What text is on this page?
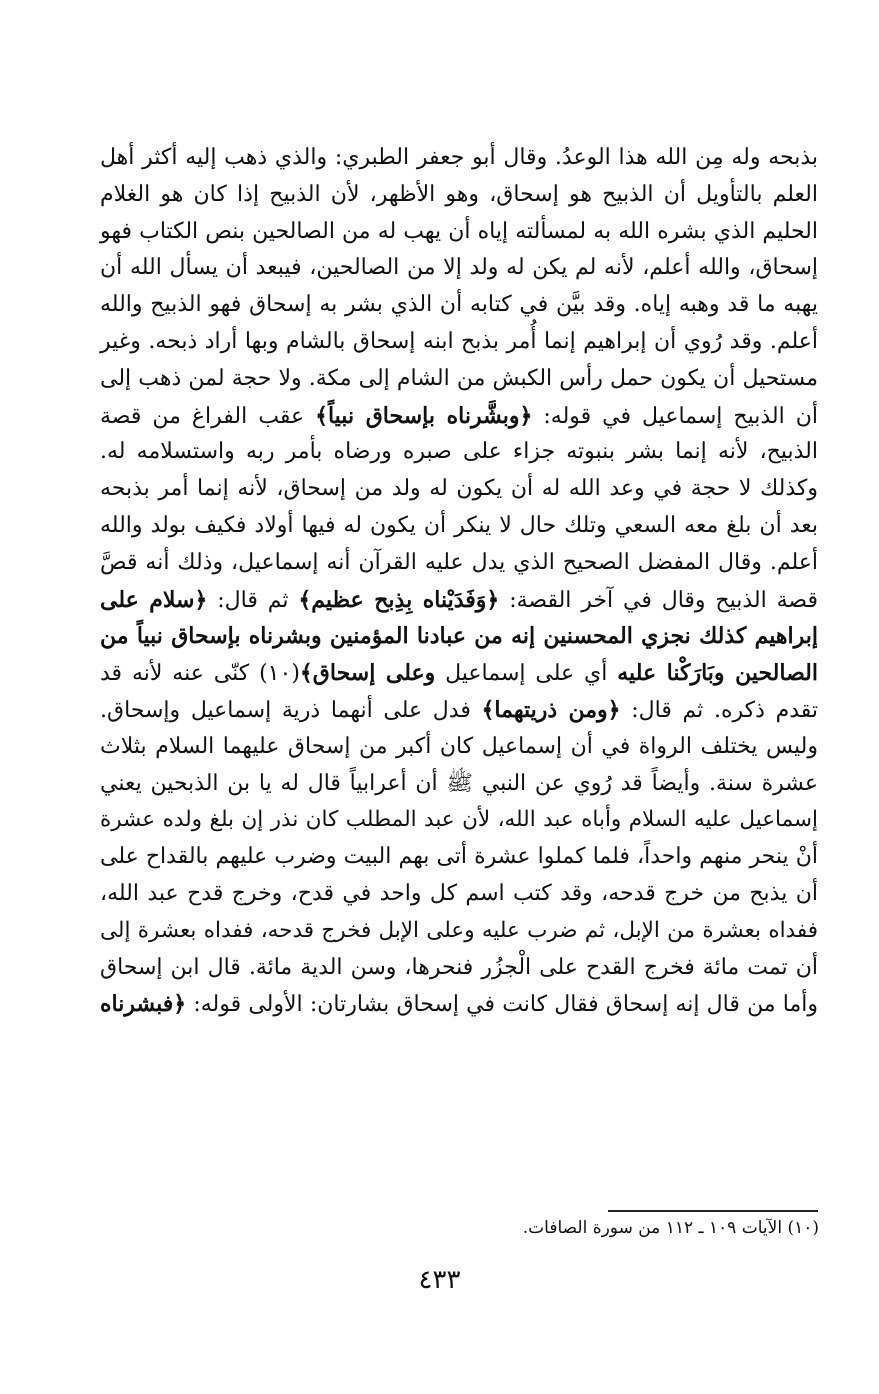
بذبحه وله مِن الله هذا الوعدُ. وقال أبو جعفر الطبري: والذي ذهب إليه أكثر أهل
العلم بالتأويل أن الذبيح هو إسحاق، وهو الأظهر، لأن الذبيح إذا كان هو الغلام
الحليم الذي بشره الله به لمسألته إياه أن يهب له من الصالحين بنص الكتاب فهو
إسحاق، والله أعلم، لأنه لم يكن له ولد إلا من الصالحين، فيبعد أن يسأل الله أن
يهبه ما قد وهبه إياه. وقد بيَّن في كتابه أن الذي بشر به إسحاق فهو الذبيح والله
أعلم. وقد رُوي أن إبراهيم إنما أُمر بذبح ابنه إسحاق بالشام وبها أراد ذبحه. وغير
مستحيل أن يكون حمل رأس الكبش من الشام إلى مكة. ولا حجة لمن ذهب إلى
أن الذبيح إسماعيل في قوله: ﴿وبشَّرناه بإسحاق نبياً﴾ عقب الفراغ من قصة
الذبيح، لأنه إنما بشر بنبوته جزاء على صبره ورضاه بأمر ربه واستسلامه له.
وكذلك لا حجة في وعد الله له أن يكون له ولد من إسحاق، لأنه إنما أمر بذبحه
بعد أن بلغ معه السعي وتلك حال لا ينكر أن يكون له فيها أولاد فكيف بولد والله
أعلم. وقال المفضل الصحيح الذي يدل عليه القرآن أنه إسماعيل، وذلك أنه قصَّ
قصة الذبيح وقال في آخر القصة: ﴿وَفَدَيْناه بِذِبح عظيم﴾ ثم قال: ﴿سلام على
إبراهيم كذلك نجزي المحسنين إنه من عبادنا المؤمنين وبشرناه بإسحاق نبياً من
الصالحين وبَارَكْنا عليه أي على إسماعيل وعلى إسحاق﴾(١٠) كنّى عنه لأنه قد
تقدم ذكره. ثم قال: ﴿ومن ذريتهما﴾ فدل على أنهما ذرية إسماعيل وإسحاق.
وليس يختلف الرواة في أن إسماعيل كان أكبر من إسحاق عليهما السلام بثلاث
عشرة سنة. وأيضاً قد رُوي عن النبي ﷺ أن أعرابياً قال له يا بن الذبحين يعني
إسماعيل عليه السلام وأباه عبد الله، لأن عبد المطلب كان نذر إن بلغ ولده عشرة
أنْ ينحر منهم واحداً، فلما كملوا عشرة أتى بهم البيت وضرب عليهم بالقداح على
أن يذبح من خرج قدحه، وقد كتب اسم كل واحد في قدح، وخرج قدح عبد الله،
ففداه بعشرة من الإبل، ثم ضرب عليه وعلى الإبل فخرج قدحه، ففداه بعشرة إلى
أن تمت مائة فخرج القدح على الْجزُر فنحرها، وسن الدية مائة. قال ابن إسحاق
وأما من قال إنه إسحاق فقال كانت في إسحاق بشارتان: الأولى قوله: ﴿فبشرناه
(١٠) الآيات ١٠٩ ـ ١١٢ من سورة الصافات.
٤٣٣
